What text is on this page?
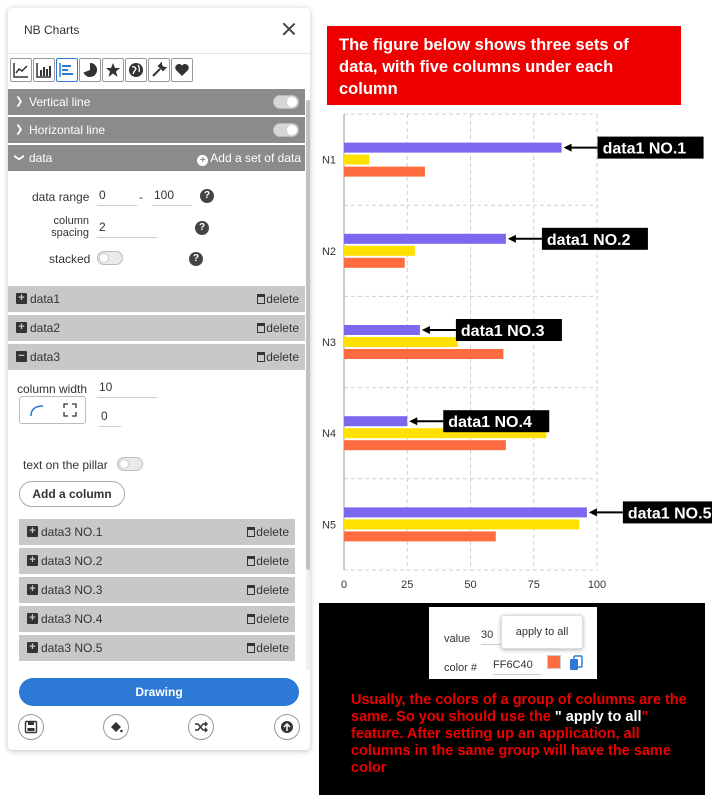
NB Charts
❯ Vertical line
❯ Horizontal line
❯ data	+ Add a set of data
data range 0	- 100	?
column spacing 2	?
stacked	?
+ data1	delete
+ data2	delete
− data3	delete
column width 10
0
text on the pillar
Add a column
+ data3 NO.1	delete
+ data3 NO.2	delete
+ data3 NO.3	delete
+ data3 NO.4	delete
+ data3 NO.5	delete
Drawing
The figure below shows three sets of data, with five columns under each column
0	25	50	75	100
N1
data1 NO.1
N2
data1 NO.2
N3
data1 NO.3
N4
data1 NO.4
N5
data1 NO.5
value 30
color # FF6C40
apply to all
Usually, the colors of a group of columns are the same. So you should use the " apply to all" feature. After setting up an application, all columns in the same group will have the same color
